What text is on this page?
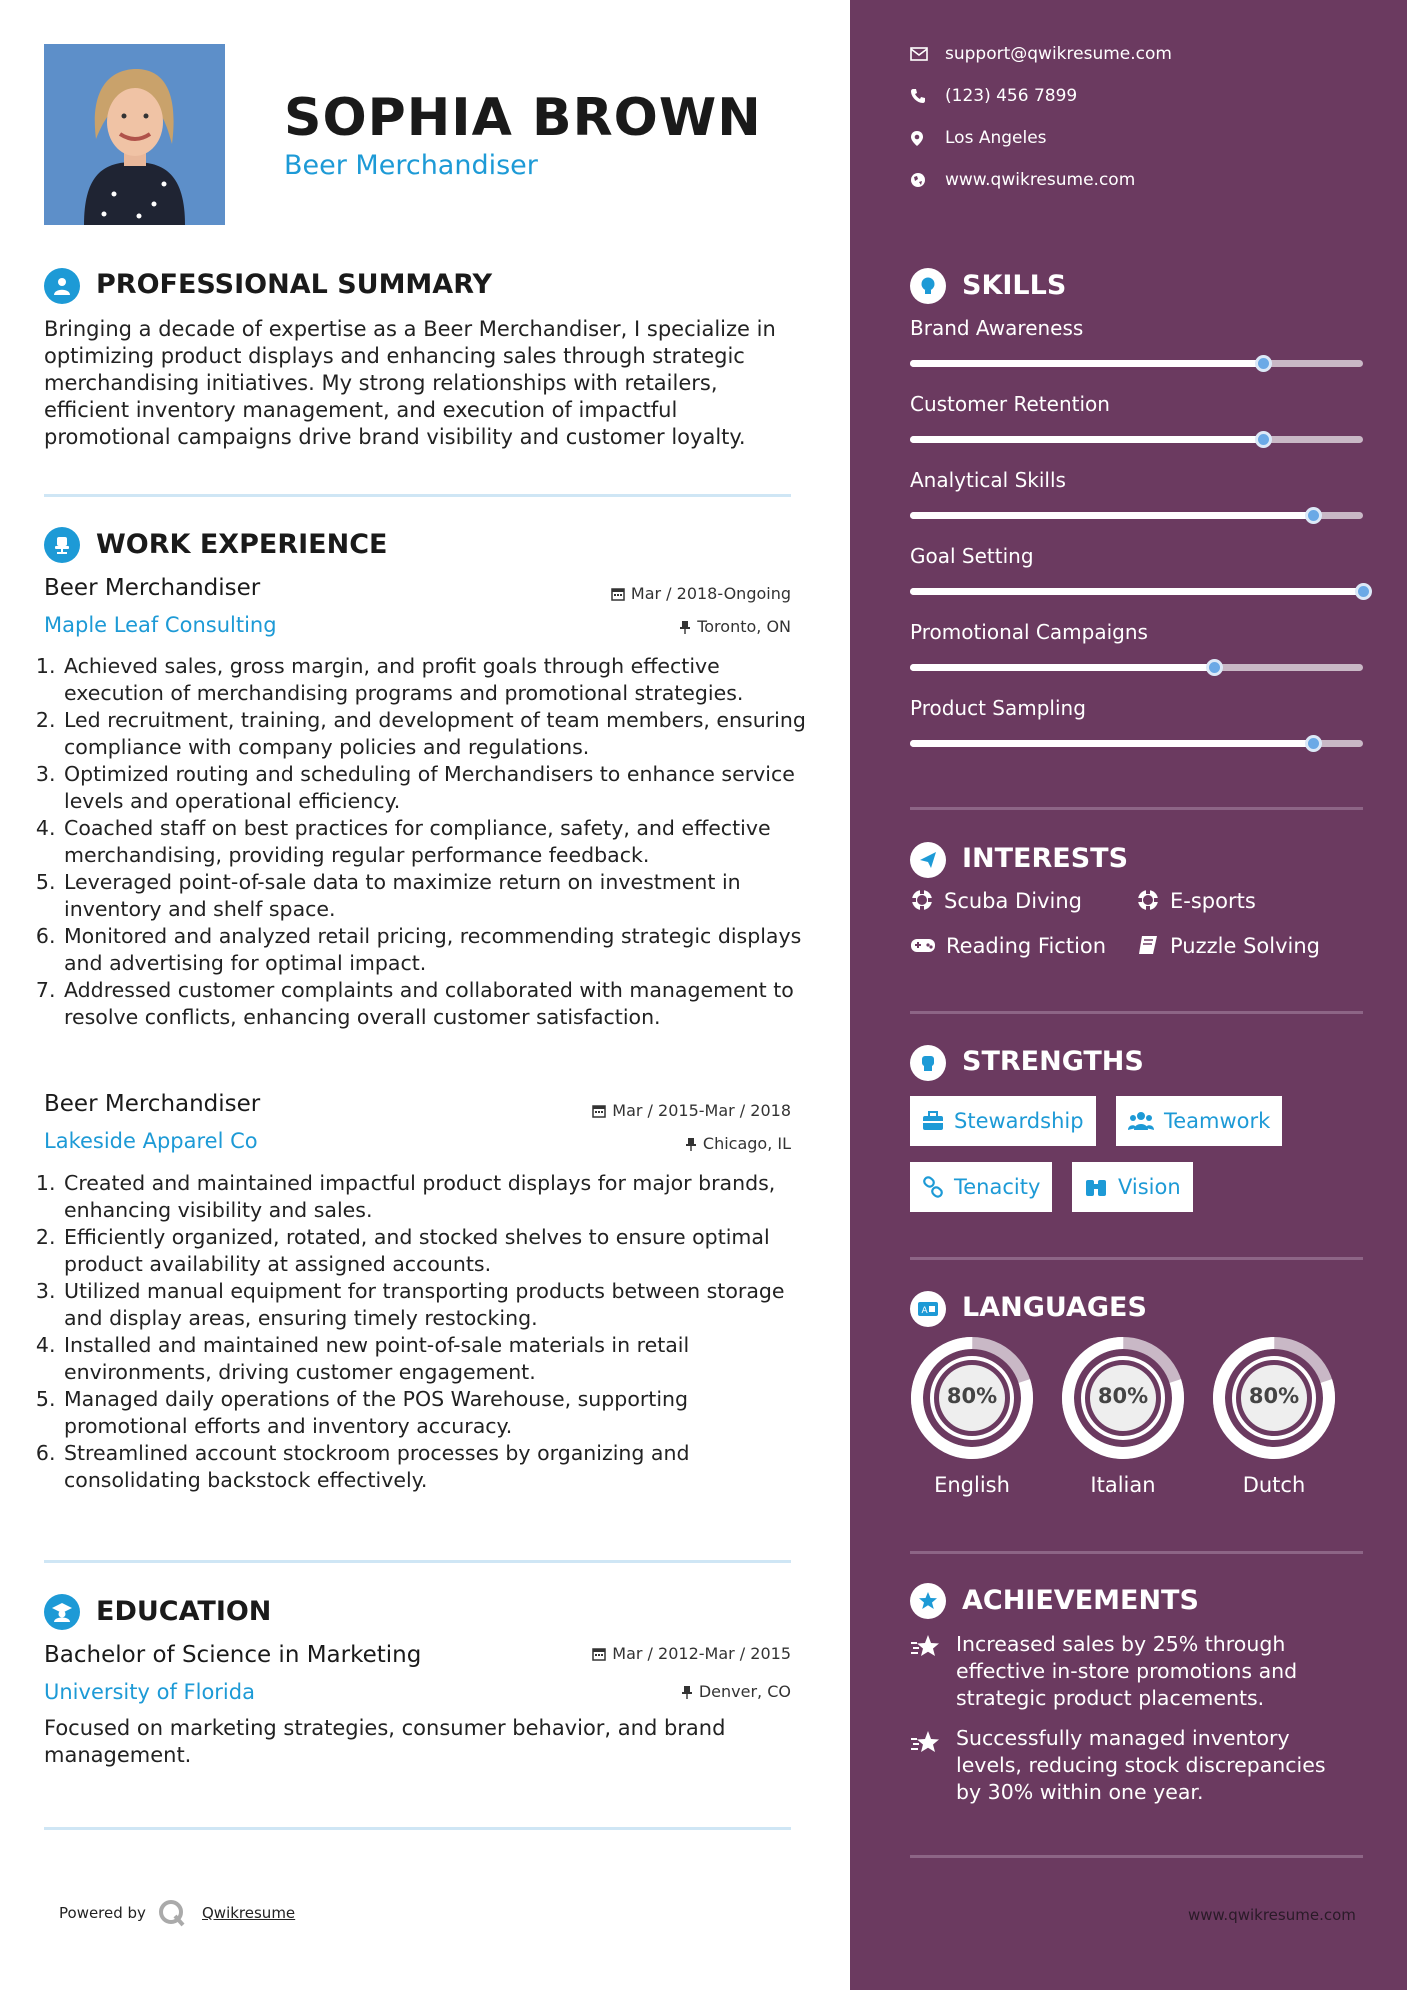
SOPHIA BROWN
Beer Merchandiser
PROFESSIONAL SUMMARY
Bringing a decade of expertise as a Beer Merchandiser, I specialize in optimizing product displays and enhancing sales through strategic merchandising initiatives. My strong relationships with retailers, efficient inventory management, and execution of impactful promotional campaigns drive brand visibility and customer loyalty.
WORK EXPERIENCE
Beer Merchandiser
Maple Leaf Consulting
Mar / 2018-Ongoing
Toronto, ON
1. Achieved sales, gross margin, and profit goals through effective execution of merchandising programs and promotional strategies.
2. Led recruitment, training, and development of team members, ensuring compliance with company policies and regulations.
3. Optimized routing and scheduling of Merchandisers to enhance service levels and operational efficiency.
4. Coached staff on best practices for compliance, safety, and effective merchandising, providing regular performance feedback.
5. Leveraged point-of-sale data to maximize return on investment in inventory and shelf space.
6. Monitored and analyzed retail pricing, recommending strategic displays and advertising for optimal impact.
7. Addressed customer complaints and collaborated with management to resolve conflicts, enhancing overall customer satisfaction.
Beer Merchandiser
Lakeside Apparel Co
Mar / 2015-Mar / 2018
Chicago, IL
1. Created and maintained impactful product displays for major brands, enhancing visibility and sales.
2. Efficiently organized, rotated, and stocked shelves to ensure optimal product availability at assigned accounts.
3. Utilized manual equipment for transporting products between storage and display areas, ensuring timely restocking.
4. Installed and maintained new point-of-sale materials in retail environments, driving customer engagement.
5. Managed daily operations of the POS Warehouse, supporting promotional efforts and inventory accuracy.
6. Streamlined account stockroom processes by organizing and consolidating backstock effectively.
EDUCATION
Bachelor of Science in Marketing
University of Florida
Mar / 2012-Mar / 2015
Denver, CO
Focused on marketing strategies, consumer behavior, and brand management.
Powered by	Qwikresume
support@qwikresume.com
(123) 456 7899
Los Angeles
www.qwikresume.com
SKILLS
Brand Awareness
Customer Retention
Analytical Skills
Goal Setting
Promotional Campaigns
Product Sampling
INTERESTS
Scuba Diving	E-sports
Reading Fiction	Puzzle Solving
STRENGTHS
Stewardship	Teamwork
Tenacity	Vision
A LANGUAGES
80%
English
80%
Italian
80%
Dutch
ACHIEVEMENTS
Increased sales by 25% through effective in-store promotions and strategic product placements.
Successfully managed inventory levels, reducing stock discrepancies by 30% within one year.
www.qwikresume.com
